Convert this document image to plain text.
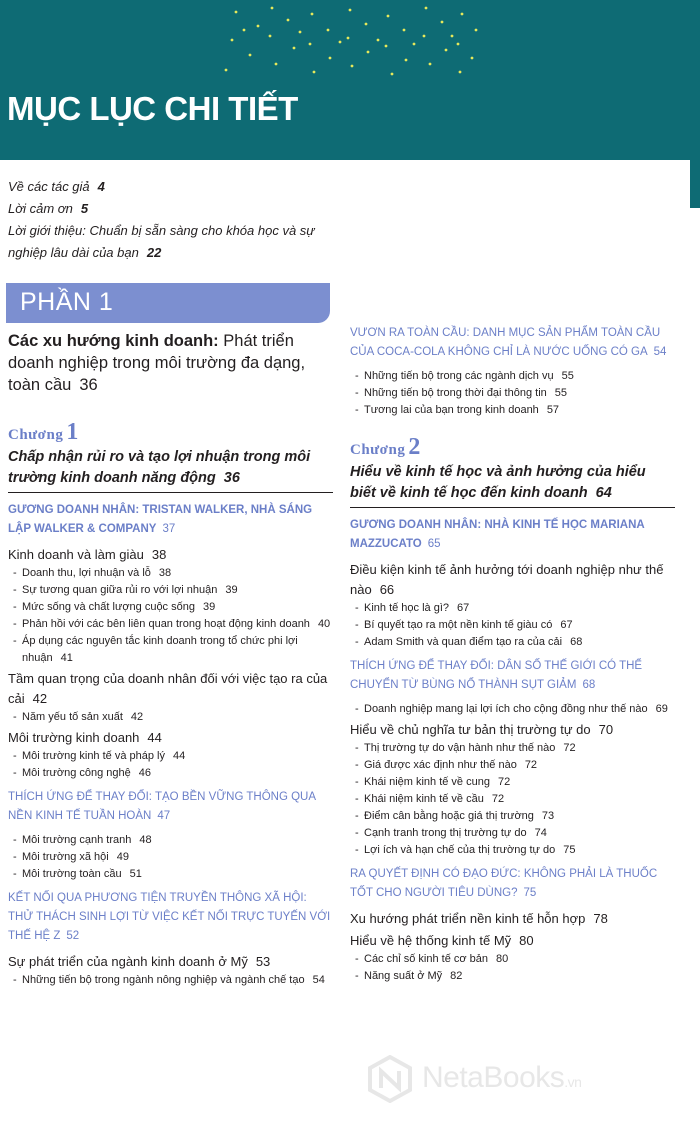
MỤC LỤC CHI TIẾT
Về các tác giả 4
Lời cảm ơn 5
Lời giới thiệu: Chuẩn bị sẵn sàng cho khóa học và sự nghiệp lâu dài của bạn 22
PHẦN 1
Các xu hướng kinh doanh: Phát triển doanh nghiệp trong môi trường đa dạng, toàn cầu 36
Chương 1
Chấp nhận rủi ro và tạo lợi nhuận trong môi trường kinh doanh năng động 36
GƯƠNG DOANH NHÂN: TRISTAN WALKER, NHÀ SÁNG LẬP WALKER & COMPANY 37
Kinh doanh và làm giàu 38
- Doanh thu, lợi nhuận và lỗ 38
- Sự tương quan giữa rủi ro với lợi nhuận 39
- Mức sống và chất lượng cuộc sống 39
- Phản hồi với các bên liên quan trong hoạt động kinh doanh 40
- Áp dụng các nguyên tắc kinh doanh trong tổ chức phi lợi nhuận 41
Tầm quan trọng của doanh nhân đối với việc tạo ra của cải 42
- Năm yếu tố sản xuất 42
Môi trường kinh doanh 44
- Môi trường kinh tế và pháp lý 44
- Môi trường công nghệ 46
THÍCH ỨNG ĐỂ THAY ĐỔI: TẠO BỀN VỮNG THÔNG QUA NỀN KINH TẾ TUẦN HOÀN 47
- Môi trường cạnh tranh 48
- Môi trường xã hội 49
- Môi trường toàn cầu 51
KẾT NỐI QUA PHƯƠNG TIỆN TRUYỀN THÔNG XÃ HỘI: THỬ THÁCH SINH LỢI TỪ VIỆC KẾT NỐI TRỰC TUYẾN VỚI THẾ HỆ Z 52
Sự phát triển của ngành kinh doanh ở Mỹ 53
- Những tiến bộ trong ngành nông nghiệp và ngành chế tạo 54
VƯƠN RA TOÀN CẦU: DANH MỤC SẢN PHẨM TOÀN CẦU CỦA COCA-COLA KHÔNG CHỈ LÀ NƯỚC UỐNG CÓ GA 54
- Những tiến bộ trong các ngành dịch vụ 55
- Những tiến bộ trong thời đại thông tin 55
- Tương lai của bạn trong kinh doanh 57
Chương 2
Hiểu về kinh tế học và ảnh hưởng của hiểu biết về kinh tế học đến kinh doanh 64
GƯƠNG DOANH NHÂN: NHÀ KINH TẾ HỌC MARIANA MAZZUCATO 65
Điều kiện kinh tế ảnh hưởng tới doanh nghiệp như thế nào 66
- Kinh tế học là gì? 67
- Bí quyết tạo ra một nền kinh tế giàu có 67
- Adam Smith và quan điểm tạo ra của cải 68
THÍCH ỨNG ĐỂ THAY ĐỔI: DÂN SỐ THẾ GIỚI CÓ THỂ CHUYỂN TỪ BÙNG NỔ THÀNH SỤT GIẢM 68
- Doanh nghiệp mang lại lợi ích cho cộng đồng như thế nào 69
Hiểu về chủ nghĩa tư bản thị trường tự do 70
- Thị trường tự do vận hành như thế nào 72
- Giá được xác định như thế nào 72
- Khái niệm kinh tế về cung 72
- Khái niệm kinh tế về cầu 72
- Điểm cân bằng hoặc giá thị trường 73
- Cạnh tranh trong thị trường tự do 74
- Lợi ích và hạn chế của thị trường tự do 75
RA QUYẾT ĐỊNH CÓ ĐẠO ĐỨC: KHÔNG PHẢI LÀ THUỐC TỐT CHO NGƯỜI TIÊU DÙNG? 75
Xu hướng phát triển nền kinh tế hỗn hợp 78
Hiểu về hệ thống kinh tế Mỹ 80
- Các chỉ số kinh tế cơ bản 80
- Năng suất ở Mỹ 82
NetaBooks.vn
